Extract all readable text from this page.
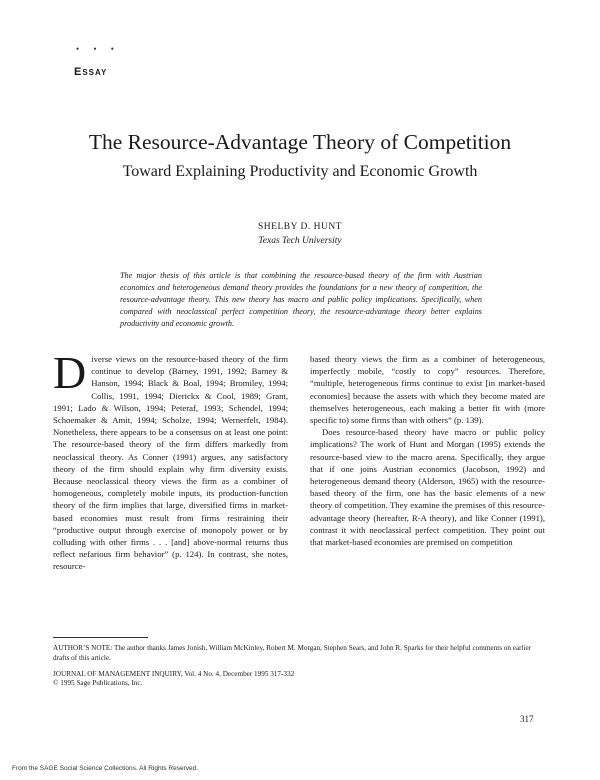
• • •
Essay
The Resource-Advantage Theory of Competition
Toward Explaining Productivity and Economic Growth
SHELBY D. HUNT
Texas Tech University

The major thesis of this article is that combining the resource-based theory of the firm with Austrian economics and heterogeneous demand theory provides the foundations for a new theory of competition, the resource-advantage theory. This new theory has macro and public policy implications. Specifically, when compared with neoclassical perfect competition theory, the resource-advantage theory better explains productivity and economic growth.

D iverse views on the resource-based theory of the firm continue to develop (Barney, 1991, 1992; Barney & Hanson, 1994; Black & Boal, 1994; Bromiley, 1994; Collis, 1991, 1994; Dierickx & Cool, 1989; Grant, 1991; Lado & Wilson, 1994; Peteraf, 1993; Schendel, 1994; Schoemaker & Amit, 1994; Scholze, 1994; Wernerfelt, 1984). Nonetheless, there appears to be a consensus on at least one point: The resource-based theory of the firm differs markedly from neoclassical theory. As Conner (1991) argues, any satisfactory theory of the firm should explain why firm diversity exists. Because neoclassical theory views the firm as a combiner of homogeneous, completely mobile inputs, its production-function theory of the firm implies that large, diversified firms in market-based economies must result from firms restraining their “productive output through exercise of monopoly power or by colluding with other firms . . . [and] above-normal returns thus reflect nefarious firm behavior” (p. 124). In contrast, she notes, resource-

based theory views the firm as a combiner of heterogeneous, imperfectly mobile, “costly to copy” resources. Therefore, “multiple, heterogeneous firms continue to exist [in market-based economies] because the assets with which they become mated are themselves heterogeneous, each making a better fit with (more specific to) some firms than with others” (p. 139).

Does resource-based theory have macro or public policy implications? The work of Hunt and Morgan (1995) extends the resource-based view to the macro arena. Specifically, they argue that if one joins Austrian economics (Jacobson, 1992) and heterogeneous demand theory (Alderson, 1965) with the resource-based theory of the firm, one has the basic elements of a new theory of competition. They examine the premises of this resource-advantage theory (hereafter, R-A theory), and like Conner (1991), contrast it with neoclassical perfect competition. They point out that market-based economies are premised on competition

AUTHOR’S NOTE: The author thanks James Jonish, William McKinley, Robert M. Morgan, Stephen Sears, and John R. Sparks for their helpful comments on earlier drafts of this article.

JOURNAL OF MANAGEMENT INQUIRY, Vol. 4 No. 4, December 1995 317-332
© 1995 Sage Publications, Inc.
317
From the SAGE Social Science Collections. All Rights Reserved.
